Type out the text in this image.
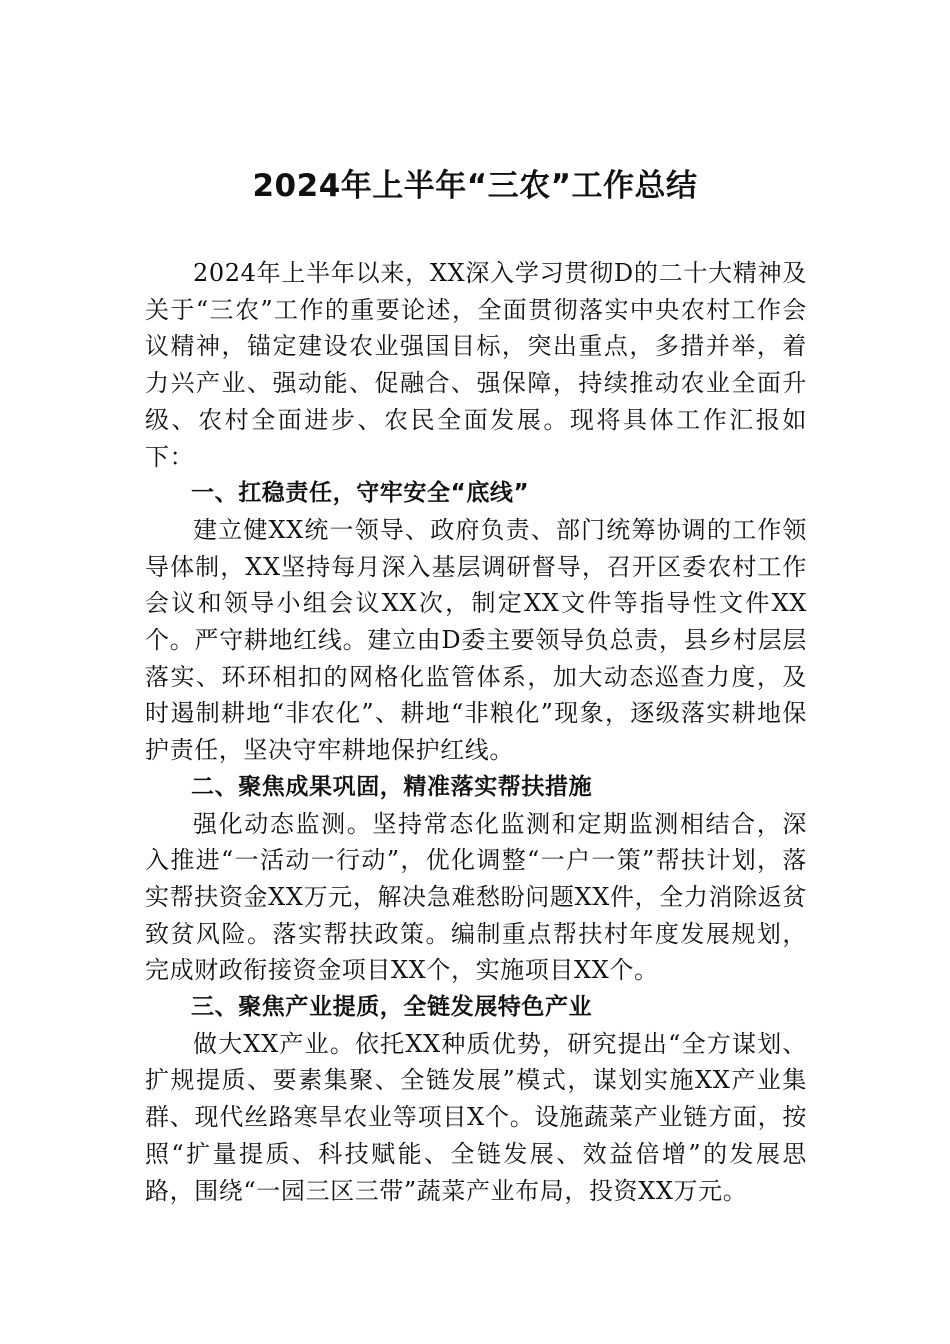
2024年上半年“三农”工作总结

2024年上半年以来，XX深入学习贯彻D的二十大精神及关于“三农”工作的重要论述，全面贯彻落实中央农村工作会议精神，锚定建设农业强国目标，突出重点，多措并举，着力兴产业、强动能、促融合、强保障，持续推动农业全面升级、农村全面进步、农民全面发展。现将具体工作汇报如下：

一、扛稳责任，守牢安全“底线”

建立健XX统一领导、政府负责、部门统筹协调的工作领导体制，XX坚持每月深入基层调研督导，召开区委农村工作会议和领导小组会议XX次，制定XX文件等指导性文件XX个。严守耕地红线。建立由D委主要领导负总责，县乡村层层落实、环环相扣的网格化监管体系，加大动态巡查力度，及时遏制耕地“非农化”、耕地“非粮化”现象，逐级落实耕地保护责任，坚决守牢耕地保护红线。

二、聚焦成果巩固，精准落实帮扶措施

强化动态监测。坚持常态化监测和定期监测相结合，深入推进“一活动一行动”，优化调整“一户一策”帮扶计划，落实帮扶资金XX万元，解决急难愁盼问题XX件，全力消除返贫致贫风险。落实帮扶政策。编制重点帮扶村年度发展规划，完成财政衔接资金项目XX个，实施项目XX个。

三、聚焦产业提质，全链发展特色产业

做大XX产业。依托XX种质优势，研究提出“全方谋划、扩规提质、要素集聚、全链发展”模式，谋划实施XX产业集群、现代丝路寒旱农业等项目X个。设施蔬菜产业链方面，按照“扩量提质、科技赋能、全链发展、效益倍增”的发展思路，围绕“一园三区三带”蔬菜产业布局，投资XX万元。
